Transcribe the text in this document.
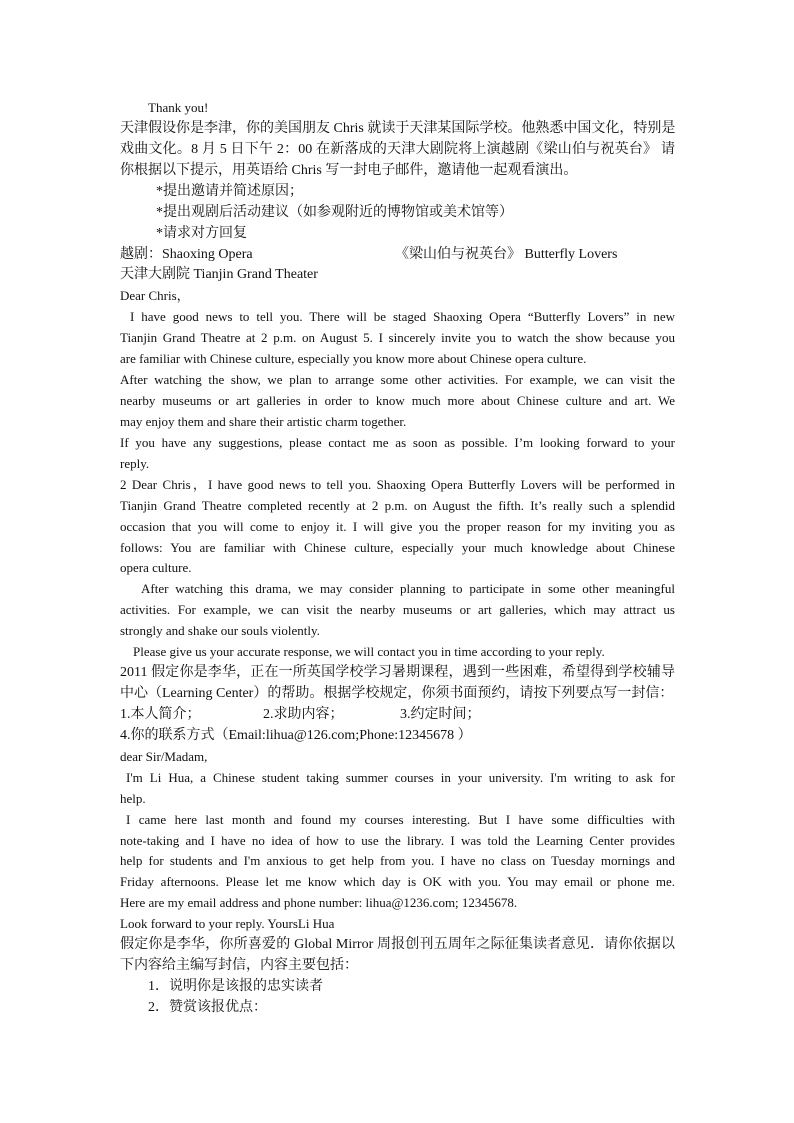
Thank you!
天津假设你是李津，你的美国朋友 Chris 就读于天津某国际学校。他熟悉中国文化，特别是
戏曲文化。8 月 5 日下午 2：00 在新落成的天津大剧院将上演越剧《梁山伯与祝英台》 请
你根据以下提示，用英语给 Chris 写一封电子邮件，邀请他一起观看演出。
*提出邀请并简述原因；
*提出观剧后活动建议（如参观附近的博物馆或美术馆等）
*请求对方回复
越剧：Shaoxing Opera	《梁山伯与祝英台》 Butterfly Lovers
天津大剧院 Tianjin Grand Theater
Dear Chris，
I have good news to tell you. There will be staged Shaoxing Opera “Butterfly Lovers” in new
Tianjin Grand Theatre at 2 p.m. on August 5. I sincerely invite you to watch the show because you
are familiar with Chinese culture, especially you know more about Chinese opera culture.
After watching the show, we plan to arrange some other activities. For example, we can visit the
nearby museums or art galleries in order to know much more about Chinese culture and art. We
may enjoy them and share their artistic charm together.
If you have any suggestions, please contact me as soon as possible. I’m looking forward to your
reply.
2 Dear Chris，I have good news to tell you. Shaoxing Opera Butterfly Lovers will be performed in
Tianjin Grand Theatre completed recently at 2 p.m. on August the fifth. It’s really such a splendid
occasion that you will come to enjoy it. I will give you the proper reason for my inviting you as
follows: You are familiar with Chinese culture, especially your much knowledge about Chinese
opera culture.
After watching this drama, we may consider planning to participate in some other meaningful
activities. For example, we can visit the nearby museums or art galleries, which may attract us
strongly and shake our souls violently.
Please give us your accurate response, we will contact you in time according to your reply.
2011 假定你是李华，正在一所英国学校学习暑期课程，遇到一些困难，希望得到学校辅导
中心（Learning Center）的帮助。根据学校规定，你须书面预约，请按下列要点写一封信：
1.本人简介；	2.求助内容；	3.约定时间；
4.你的联系方式（Email:lihua@126.com;Phone:12345678 ）
dear Sir/Madam,
I'm Li Hua, a Chinese student taking summer courses in your university. I'm writing to ask for
help.
I came here last month and found my courses interesting. But I have some difficulties with
note-taking and I have no idea of how to use the library. I was told the Learning Center provides
help for students and I'm anxious to get help from you. I have no class on Tuesday mornings and
Friday afternoons. Please let me know which day is OK with you. You may email or phone me.
Here are my email address and phone number: lihua@1236.com; 12345678.
Look forward to your reply. YoursLi Hua
假定你是李华，你所喜爱的 Global Mirror 周报创刊五周年之际征集读者意见．请你依据以
下内容给主编写封信，内容主要包括：
1．说明你是该报的忠实读者
2．赞赏该报优点：
